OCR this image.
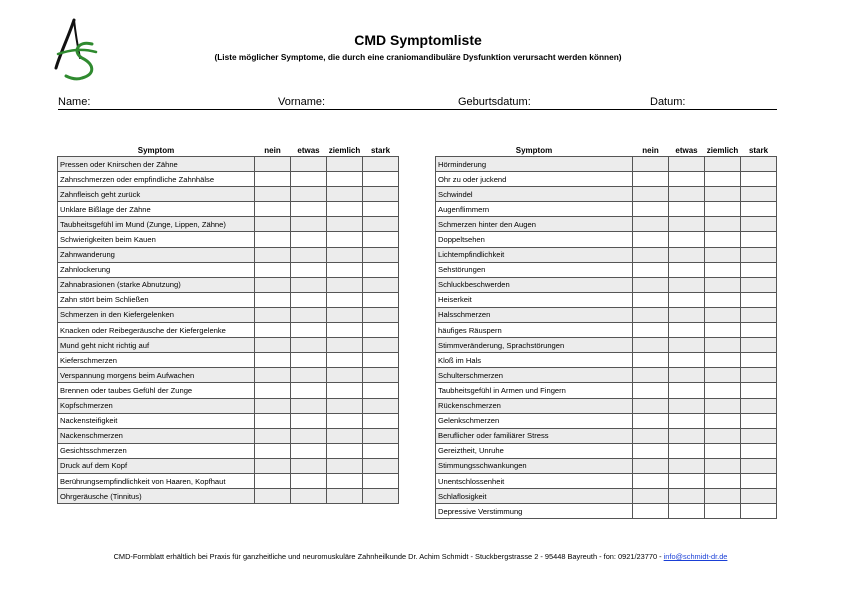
CMD Symptomliste
(Liste möglicher Symptome, die durch eine craniomandibuläre Dysfunktion verursacht werden können)
Name:	Vorname:	Geburtsdatum:	Datum:
Symptom	nein	etwas	ziemlich	stark
Pressen oder Knirschen der Zähne				
Zahnschmerzen oder empfindliche Zahnhälse				
Zahnfleisch geht zurück				
Unklare Bißlage der Zähne				
Taubheitsgefühl im Mund (Zunge, Lippen, Zähne)				
Schwierigkeiten beim Kauen				
Zahnwanderung				
Zahnlockerung				
Zahnabrasionen (starke Abnutzung)				
Zahn stört beim Schließen				
Schmerzen in den Kiefergelenken				
Knacken oder Reibegeräusche der Kiefergelenke				
Mund geht nicht richtig auf				
Kieferschmerzen				
Verspannung morgens beim Aufwachen				
Brennen oder taubes Gefühl der Zunge				
Kopfschmerzen				
Nackensteifigkeit				
Nackenschmerzen				
Gesichtsschmerzen				
Druck auf dem Kopf				
Berührungsempfindlichkeit von Haaren, Kopfhaut				
Ohrgeräusche (Tinnitus)				
Symptom	nein	etwas	ziemlich	stark
Hörminderung				
Ohr zu oder juckend				
Schwindel				
Augenflimmern				
Schmerzen hinter den Augen				
Doppeltsehen				
Lichtempfindlichkeit				
Sehstörungen				
Schluckbeschwerden				
Heiserkeit				
Halsschmerzen				
häufiges Räuspern				
Stimmveränderung, Sprachstörungen				
Kloß im Hals				
Schulterschmerzen				
Taubheitsgefühl in Armen und Fingern				
Rückenschmerzen				
Gelenkschmerzen				
Beruflicher oder familiärer Stress				
Gereiztheit, Unruhe				
Stimmungsschwankungen				
Unentschlossenheit				
Schlaflosigkeit				
Depressive Verstimmung				
CMD-Formblatt erhältlich bei Praxis für ganzheitliche und neuromuskuläre Zahnheilkunde Dr. Achim Schmidt - Stuckbergstrasse 2 - 95448 Bayreuth - fon: 0921/23770 - info@schmidt-dr.de
